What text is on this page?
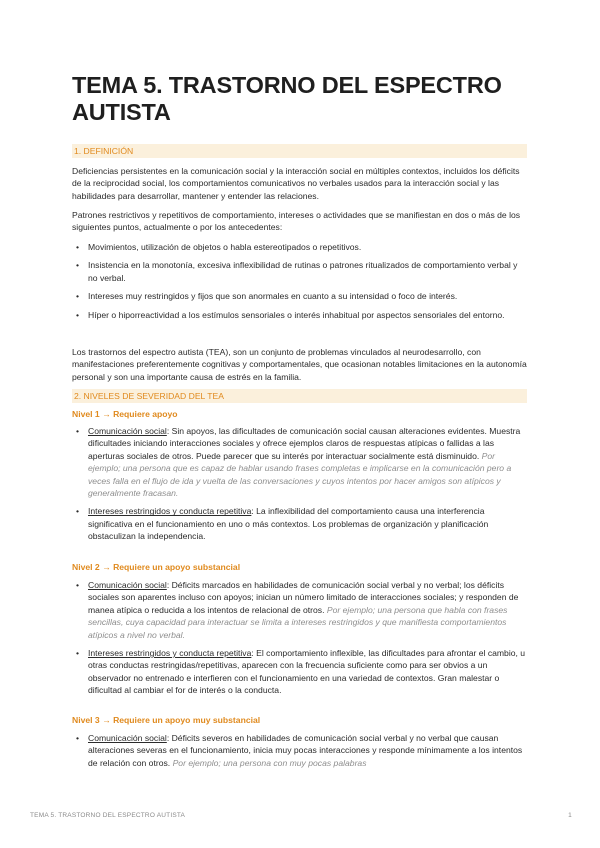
TEMA 5. TRASTORNO DEL ESPECTRO AUTISTA
1. DEFINICIÓN

Deficiencias persistentes en la comunicación social y la interacción social en múltiples contextos, incluidos los déficits de la reciprocidad social, los comportamientos comunicativos no verbales usados para la interacción social y las habilidades para desarrollar, mantener y entender las relaciones.

Patrones restrictivos y repetitivos de comportamiento, intereses o actividades que se manifiestan en dos o más de los siguientes puntos, actualmente o por los antecedentes:

• Movimientos, utilización de objetos o habla estereotipados o repetitivos.
• Insistencia en la monotonía, excesiva inflexibilidad de rutinas o patrones ritualizados de comportamiento verbal y no verbal.
• Intereses muy restringidos y fijos que son anormales en cuanto a su intensidad o foco de interés.
• Híper o hiporreactividad a los estímulos sensoriales o interés inhabitual por aspectos sensoriales del entorno.

Los trastornos del espectro autista (TEA), son un conjunto de problemas vinculados al neurodesarrollo, con manifestaciones preferentemente cognitivas y comportamentales, que ocasionan notables limitaciones en la autonomía personal y son una importante causa de estrés en la familia.

2. NIVELES DE SEVERIDAD DEL TEA
Nivel 1 → Requiere apoyo
• Comunicación social: Sin apoyos, las dificultades de comunicación social causan alteraciones evidentes. Muestra dificultades iniciando interacciones sociales y ofrece ejemplos claros de respuestas atípicas o fallidas a las aperturas sociales de otros. Puede parecer que su interés por interactuar socialmente está disminuido. Por ejemplo; una persona que es capaz de hablar usando frases completas e implicarse en la comunicación pero a veces falla en el flujo de ida y vuelta de las conversaciones y cuyos intentos por hacer amigos son atípicos y generalmente fracasan.
• Intereses restringidos y conducta repetitiva: La inflexibilidad del comportamiento causa una interferencia significativa en el funcionamiento en uno o más contextos. Los problemas de organización y planificación obstaculizan la independencia.
Nivel 2 → Requiere un apoyo substancial
• Comunicación social: Déficits marcados en habilidades de comunicación social verbal y no verbal; los déficits sociales son aparentes incluso con apoyos; inician un número limitado de interacciones sociales; y responden de manea atípica o reducida a los intentos de relacional de otros. Por ejemplo; una persona que habla con frases sencillas, cuya capacidad para interactuar se limita a intereses restringidos y que manifiesta comportamientos atípicos a nivel no verbal.
• Intereses restringidos y conducta repetitiva: El comportamiento inflexible, las dificultades para afrontar el cambio, u otras conductas restringidas/repetitivas, aparecen con la frecuencia suficiente como para ser obvios a un observador no entrenado e interfieren con el funcionamiento en una variedad de contextos. Gran malestar o dificultad al cambiar el for de interés o la conducta.
Nivel 3 → Requiere un apoyo muy substancial
• Comunicación social: Déficits severos en habilidades de comunicación social verbal y no verbal que causan alteraciones severas en el funcionamiento, inicia muy pocas interacciones y responde mínimamente a los intentos de relación con otros. Por ejemplo; una persona con muy pocas palabras
TEMA 5. TRASTORNO DEL ESPECTRO AUTISTA	1
